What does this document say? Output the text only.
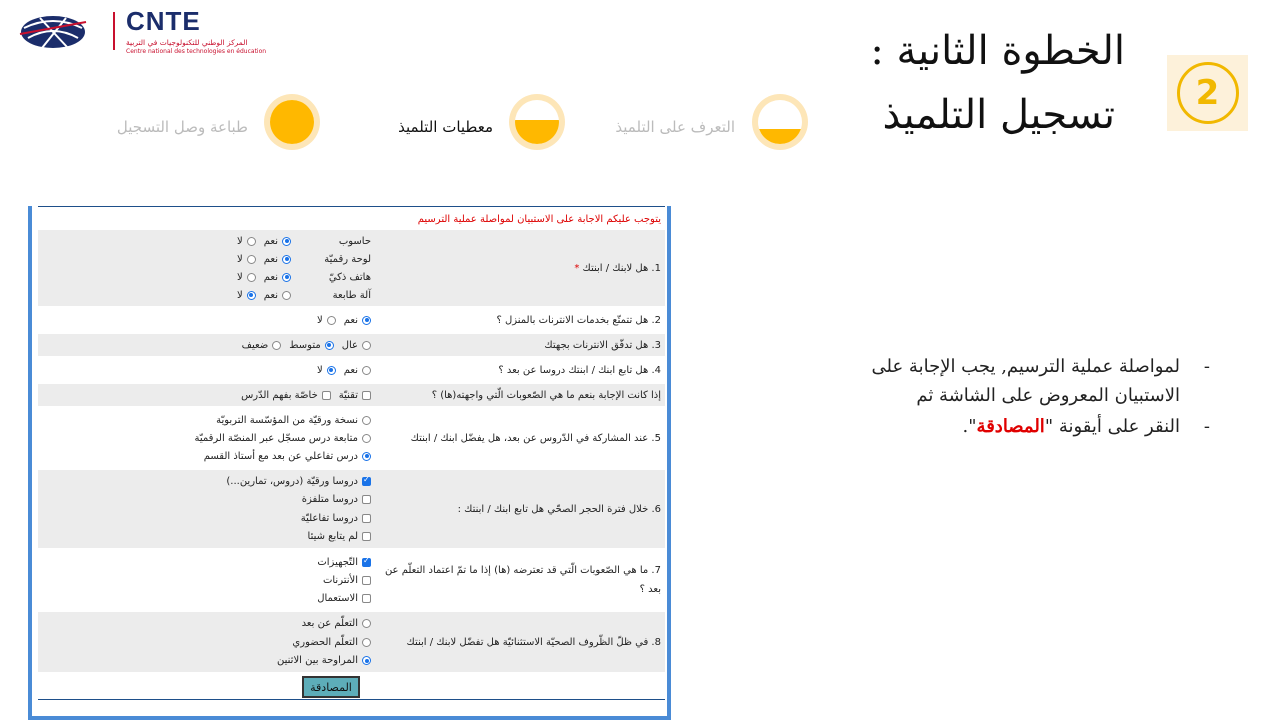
CNTE
المركز الوطني للتكنولوجيات في التربية
Centre national des technologies en éducation
2
الخطوة الثانية :
تسجيل التلميذ
التعرف على التلميذ
معطيات التلميذ
طباعة وصل التسجيل
-
لمواصلة عملية الترسيم, يجب الإجابة على الاستبيان المعروض على الشاشة ثم
-
النقر على أيقونة "المصادقة".
يتوجب عليكم الاجابة على الاستبيان لمواصلة عملية الترسيم
1. هل لابنك / ابنتك

*
حاسوب
نعم
لا
لوحة رقميّة
نعم
لا
هاتف ذكيّ
نعم
لا
آلة طابعة
نعم
لا
2. هل تتمتّع بخدمات الانترنات بالمنزل ؟
نعم
لا
3. هل تدفّق الانترنات بجهتك
عال
متوسط
ضعيف
4. هل تابع ابنك / ابنتك دروسا عن بعد ؟
نعم
لا
إذا كانت الإجابة بنعم ما هي الصّعوبات الّتي واجهته(ها) ؟
تقنيّة
خاصّة بفهم الدّرس
5. عند المشاركة في الدّروس عن بعد، هل يفضّل ابنك / ابنتك
نسخة ورقيّة من المؤسّسة التربويّة
متابعة درس مسجّل عبر المنصّة الرقميّة
درس تفاعلي عن بعد مع أستاذ القسم
6. خلال فترة الحجر الصحّي هل تابع ابنك / ابنتك :
✓
دروسا ورقيّة (دروس، تمارين...)
دروسا متلفزة
دروسا تفاعليّة
لم يتابع شيئا
7. ما هي الصّعوبات الّتي قد تعترضه (ها) إذا ما تمّ اعتماد التعلّم عن بعد ؟
✓
التّجهيزات
الأنترنات
الاستعمال
8. في ظلّ الظّروف الصحيّة الاستثنائيّة هل تفضّل لابنك / ابنتك
التعلّم عن بعد
التعلّم الحضوري
المراوحة بين الاثنين
المصادقة
